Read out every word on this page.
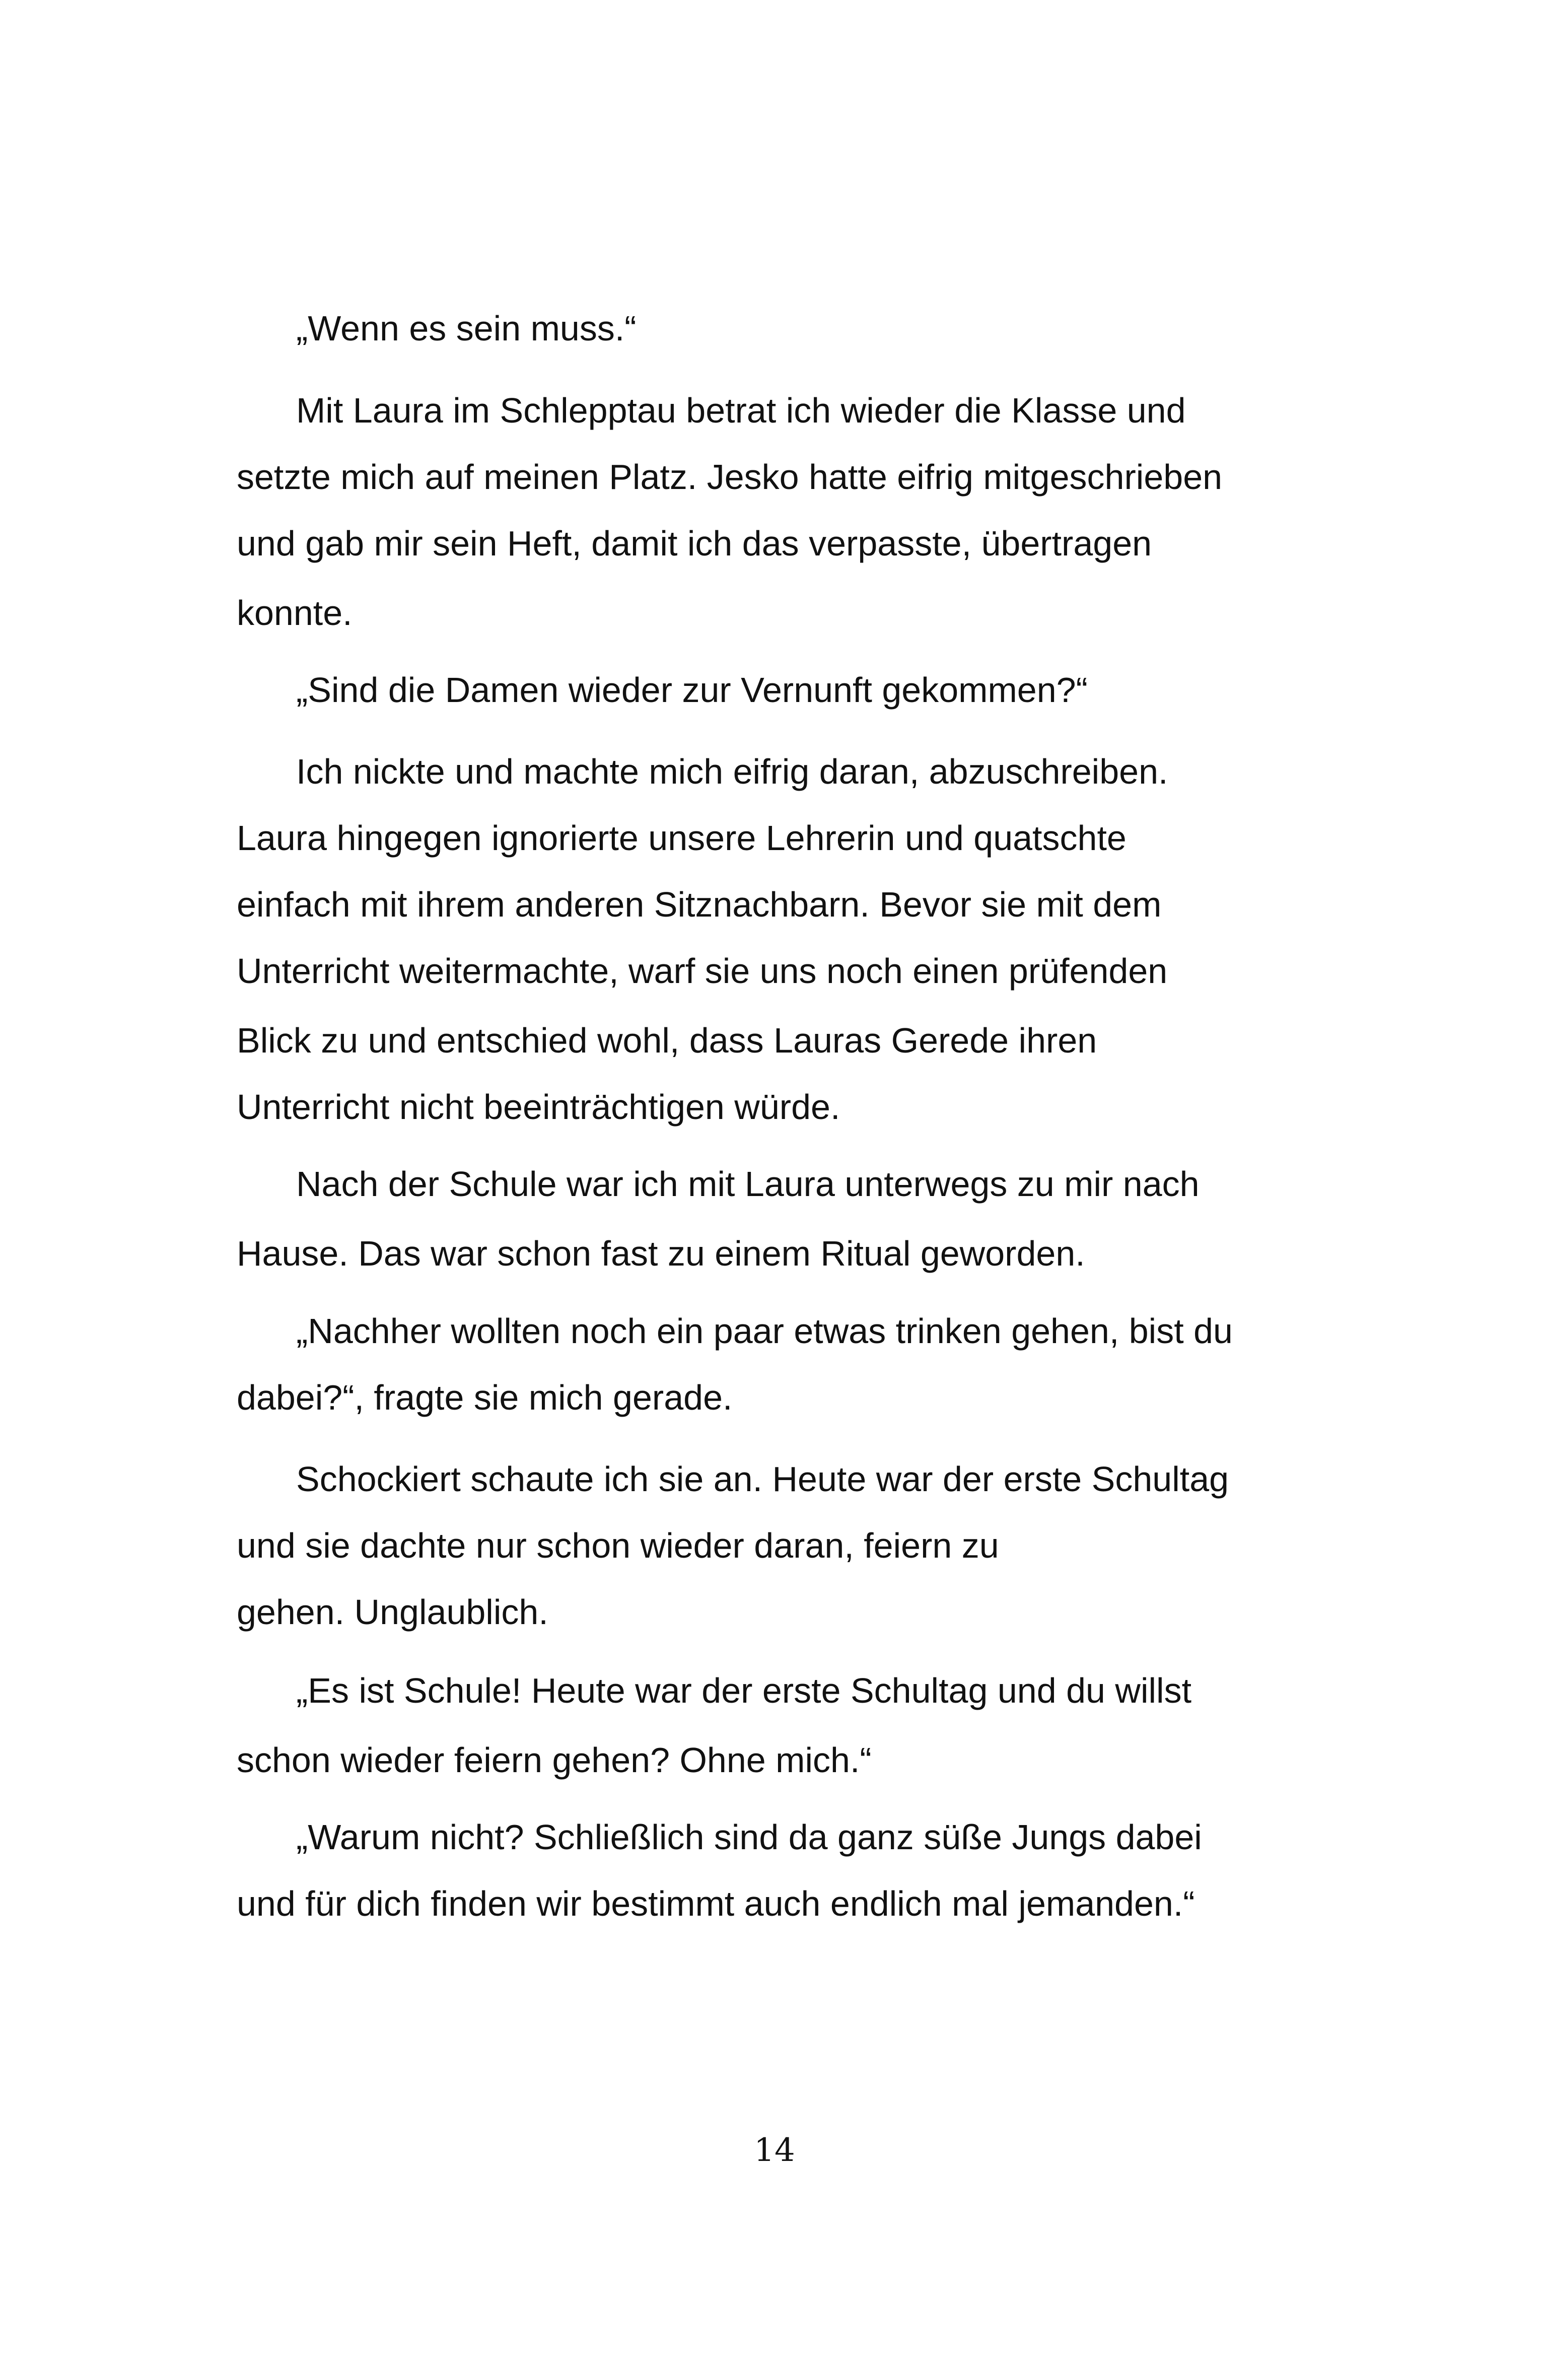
„Wenn es sein muss.“
Mit Laura im Schlepptau betrat ich wieder die Klasse und
setzte mich auf meinen Platz. Jesko hatte eifrig mitgeschrieben
und gab mir sein Heft, damit ich das verpasste, übertragen
konnte.
„Sind die Damen wieder zur Vernunft gekommen?“
Ich nickte und machte mich eifrig daran, abzuschreiben.
Laura hingegen ignorierte unsere Lehrerin und quatschte
einfach mit ihrem anderen Sitznachbarn. Bevor sie mit dem
Unterricht weitermachte, warf sie uns noch einen prüfenden
Blick zu und entschied wohl, dass Lauras Gerede ihren
Unterricht nicht beeinträchtigen würde.
Nach der Schule war ich mit Laura unterwegs zu mir nach
Hause. Das war schon fast zu einem Ritual geworden.
„Nachher wollten noch ein paar etwas trinken gehen, bist du
dabei?“, fragte sie mich gerade.
Schockiert schaute ich sie an. Heute war der erste Schultag
und sie dachte nur schon wieder daran, feiern zu
gehen. Unglaublich.
„Es ist Schule! Heute war der erste Schultag und du willst
schon wieder feiern gehen? Ohne mich.“
„Warum nicht? Schließlich sind da ganz süße Jungs dabei
und für dich finden wir bestimmt auch endlich mal jemanden.“
14
